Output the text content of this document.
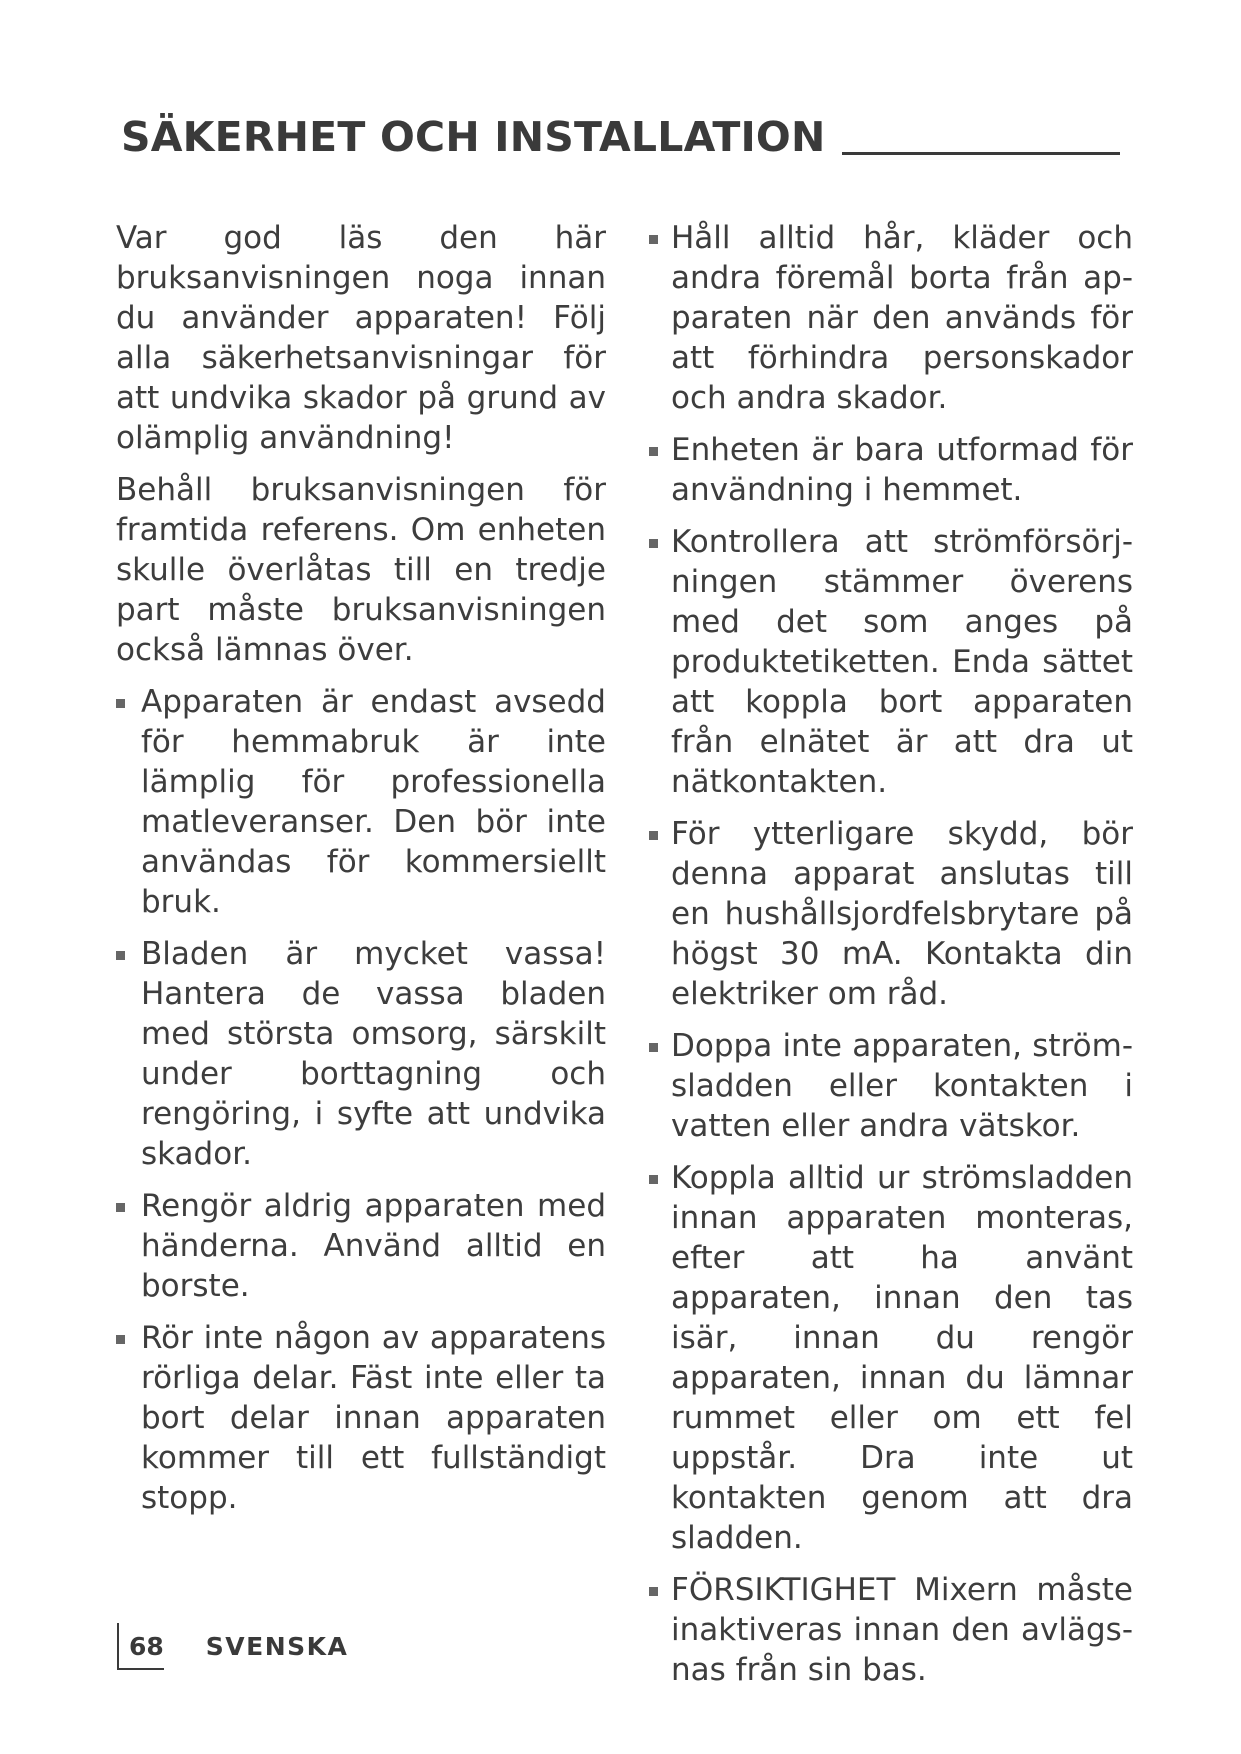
SÄKERHET OCH INSTALLATION

Var god läs den här bruksanvisningen noga innan du använder apparaten! Följ alla säkerhetsanvisningar för att undvika skador på grund av olämplig användning!

Behåll bruksanvisningen för framtida referens. Om enheten skulle överlåtas till en tredje part måste bruksanvisningen också lämnas över.

Apparaten är endast avsedd för hemmabruk är inte lämplig för professionella matleveranser. Den bör inte användas för kommersiellt bruk.
Bladen är mycket vassa! Hantera de vassa bladen med största omsorg, särskilt under borttagning och rengöring, i syfte att undvika skador.
Rengör aldrig apparaten med händerna. Använd alltid en borste.
Rör inte någon av apparatens rörliga delar. Fäst inte eller ta bort delar innan apparaten kommer till ett fullständigt stopp.
Håll alltid hår, kläder och andra föremål borta från apparaten när den används för att förhindra personskador och andra skador.
Enheten är bara utformad för användning i hemmet.
Kontrollera att strömförsörjningen stämmer överens med det som anges på produktetiketten. Enda sättet att koppla bort apparaten från elnätet är att dra ut nätkontakten.
För ytterligare skydd, bör denna apparat anslutas till en hushållsjordfelsbrytare på högst 30 mA. Kontakta din elektriker om råd.
Doppa inte apparaten, strömsladden eller kontakten i vatten eller andra vätskor.
Koppla alltid ur strömsladden innan apparaten monteras, efter att ha använt apparaten, innan den tas isär, innan du rengör apparaten, innan du lämnar rummet eller om ett fel uppstår. Dra inte ut kontakten genom att dra sladden.
FÖRSIKTIGHET Mixern måste inaktiveras innan den avlägsnas från sin bas.
68 SVENSKA
